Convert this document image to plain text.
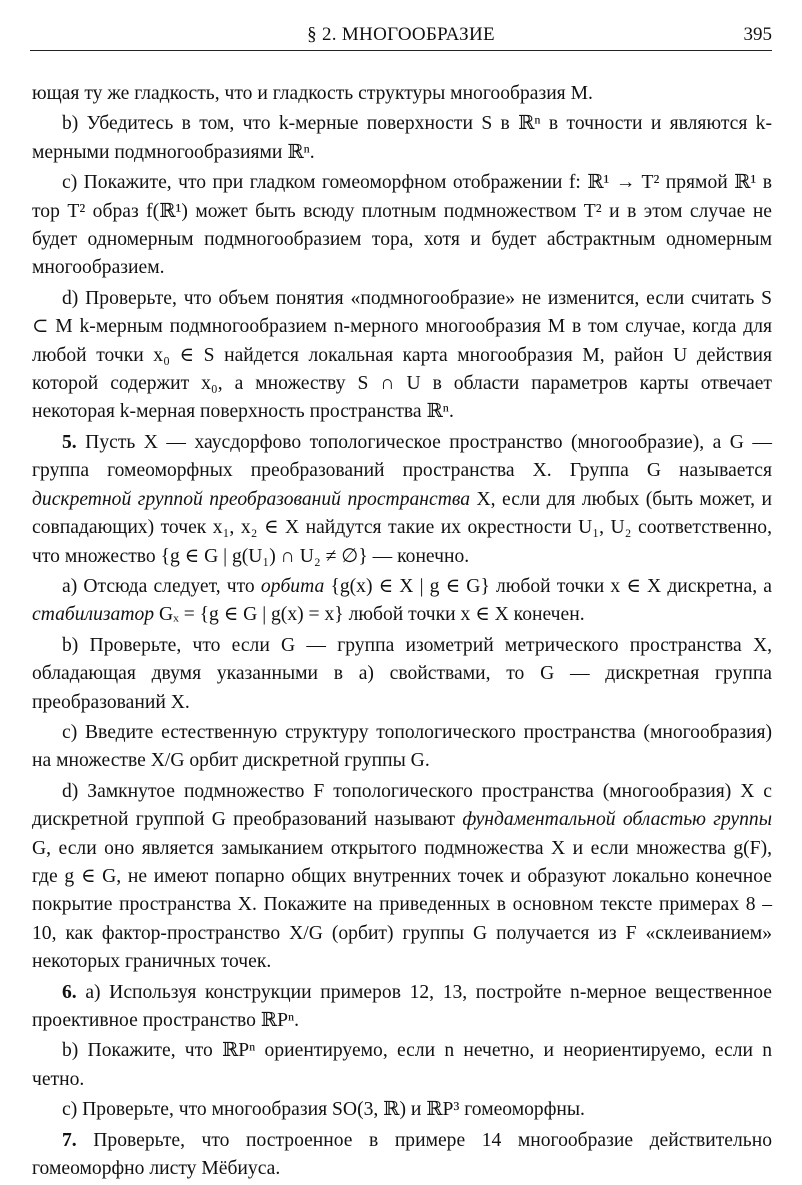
§ 2. МНОГООБРАЗИЕ	395

ющая ту же гладкость, что и гладкость структуры многообразия M.

b) Убедитесь в том, что k-мерные поверхности S в ℝⁿ в точности и являются k-мерными подмногообразиями ℝⁿ.

c) Покажите, что при гладком гомеоморфном отображении f: ℝ¹ → T² прямой ℝ¹ в тор T² образ f(ℝ¹) может быть всюду плотным подмножеством T² и в этом случае не будет одномерным подмногообразием тора, хотя и будет абстрактным одномерным многообразием.

d) Проверьте, что объем понятия «подмногообразие» не изменится, если считать S ⊂ M k-мерным подмногообразием n-мерного многообразия M в том случае, когда для любой точки x₀ ∈ S найдется локальная карта многообразия M, район U действия которой содержит x₀, а множеству S ∩ U в области параметров карты отвечает некоторая k-мерная поверхность пространства ℝⁿ.

5. Пусть X — хаусдорфово топологическое пространство (многообразие), а G — группа гомеоморфных преобразований пространства X. Группа G называется дискретной группой преобразований пространства X, если для любых (быть может, и совпадающих) точек x₁, x₂ ∈ X найдутся такие их окрестности U₁, U₂ соответственно, что множество {g ∈ G | g(U₁) ∩ U₂ ≠ ∅} — конечно.

a) Отсюда следует, что орбита {g(x) ∈ X | g ∈ G} любой точки x ∈ X дискретна, а стабилизатор Gₓ = {g ∈ G | g(x) = x} любой точки x ∈ X конечен.

b) Проверьте, что если G — группа изометрий метрического пространства X, обладающая двумя указанными в a) свойствами, то G — дискретная группа преобразований X.

c) Введите естественную структуру топологического пространства (многообразия) на множестве X/G орбит дискретной группы G.

d) Замкнутое подмножество F топологического пространства (многообразия) X с дискретной группой G преобразований называют фундаментальной областью группы G, если оно является замыканием открытого подмножества X и если множества g(F), где g ∈ G, не имеют попарно общих внутренних точек и образуют локально конечное покрытие пространства X. Покажите на приведенных в основном тексте примерах 8 – 10, как фактор-пространство X/G (орбит) группы G получается из F «склеиванием» некоторых граничных точек.

6. a) Используя конструкции примеров 12, 13, постройте n-мерное вещественное проективное пространство ℝPⁿ.

b) Покажите, что ℝPⁿ ориентируемо, если n нечетно, и неориентируемо, если n четно.

c) Проверьте, что многообразия SO(3, ℝ) и ℝP³ гомеоморфны.

7. Проверьте, что построенное в примере 14 многообразие действительно гомеоморфно листу Мёбиуса.
